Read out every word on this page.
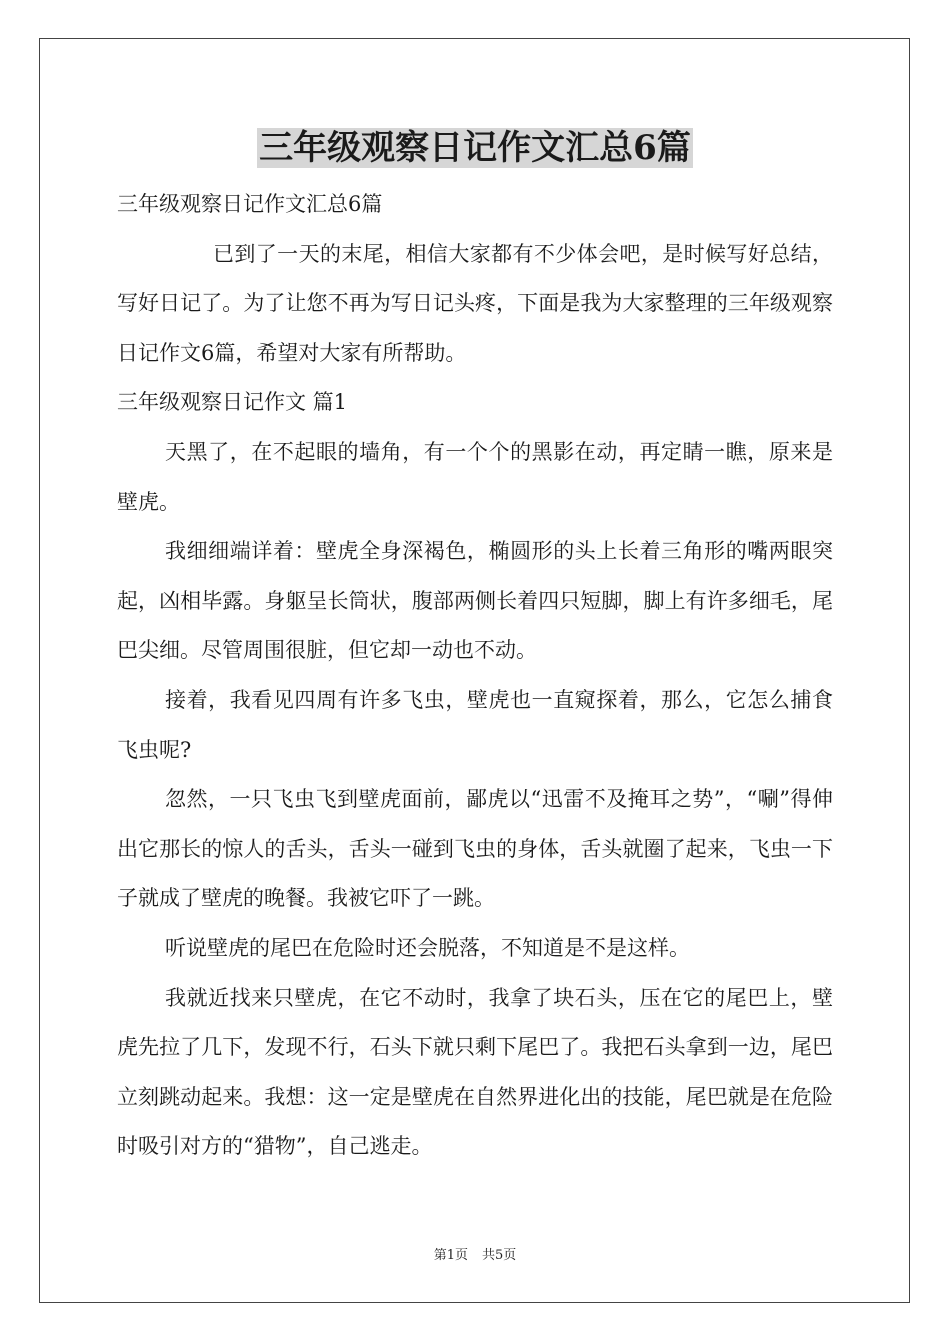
三年级观察日记作文汇总6篇

三年级观察日记作文汇总6篇

已到了一天的末尾，相信大家都有不少体会吧，是时候写好总结，写好日记了。为了让您不再为写日记头疼，下面是我为大家整理的三年级观察日记作文6篇，希望对大家有所帮助。

三年级观察日记作文 篇1

天黑了，在不起眼的墙角，有一个个的黑影在动，再定睛一瞧，原来是壁虎。

我细细端详着：壁虎全身深褐色，椭圆形的头上长着三角形的嘴两眼突起，凶相毕露。身躯呈长筒状，腹部两侧长着四只短脚，脚上有许多细毛，尾巴尖细。尽管周围很脏，但它却一动也不动。

接着，我看见四周有许多飞虫，壁虎也一直窥探着，那么，它怎么捕食飞虫呢?

忽然，一只飞虫飞到壁虎面前，鄙虎以“迅雷不及掩耳之势”，“唰”得伸出它那长的惊人的舌头，舌头一碰到飞虫的身体，舌头就圈了起来，飞虫一下子就成了壁虎的晚餐。我被它吓了一跳。

听说壁虎的尾巴在危险时还会脱落，不知道是不是这样。

我就近找来只壁虎，在它不动时，我拿了块石头，压在它的尾巴上，壁虎先拉了几下，发现不行，石头下就只剩下尾巴了。我把石头拿到一边，尾巴立刻跳动起来。我想：这一定是壁虎在自然界进化出的技能，尾巴就是在危险时吸引对方的“猎物”，自己逃走。

第1页 共5页
